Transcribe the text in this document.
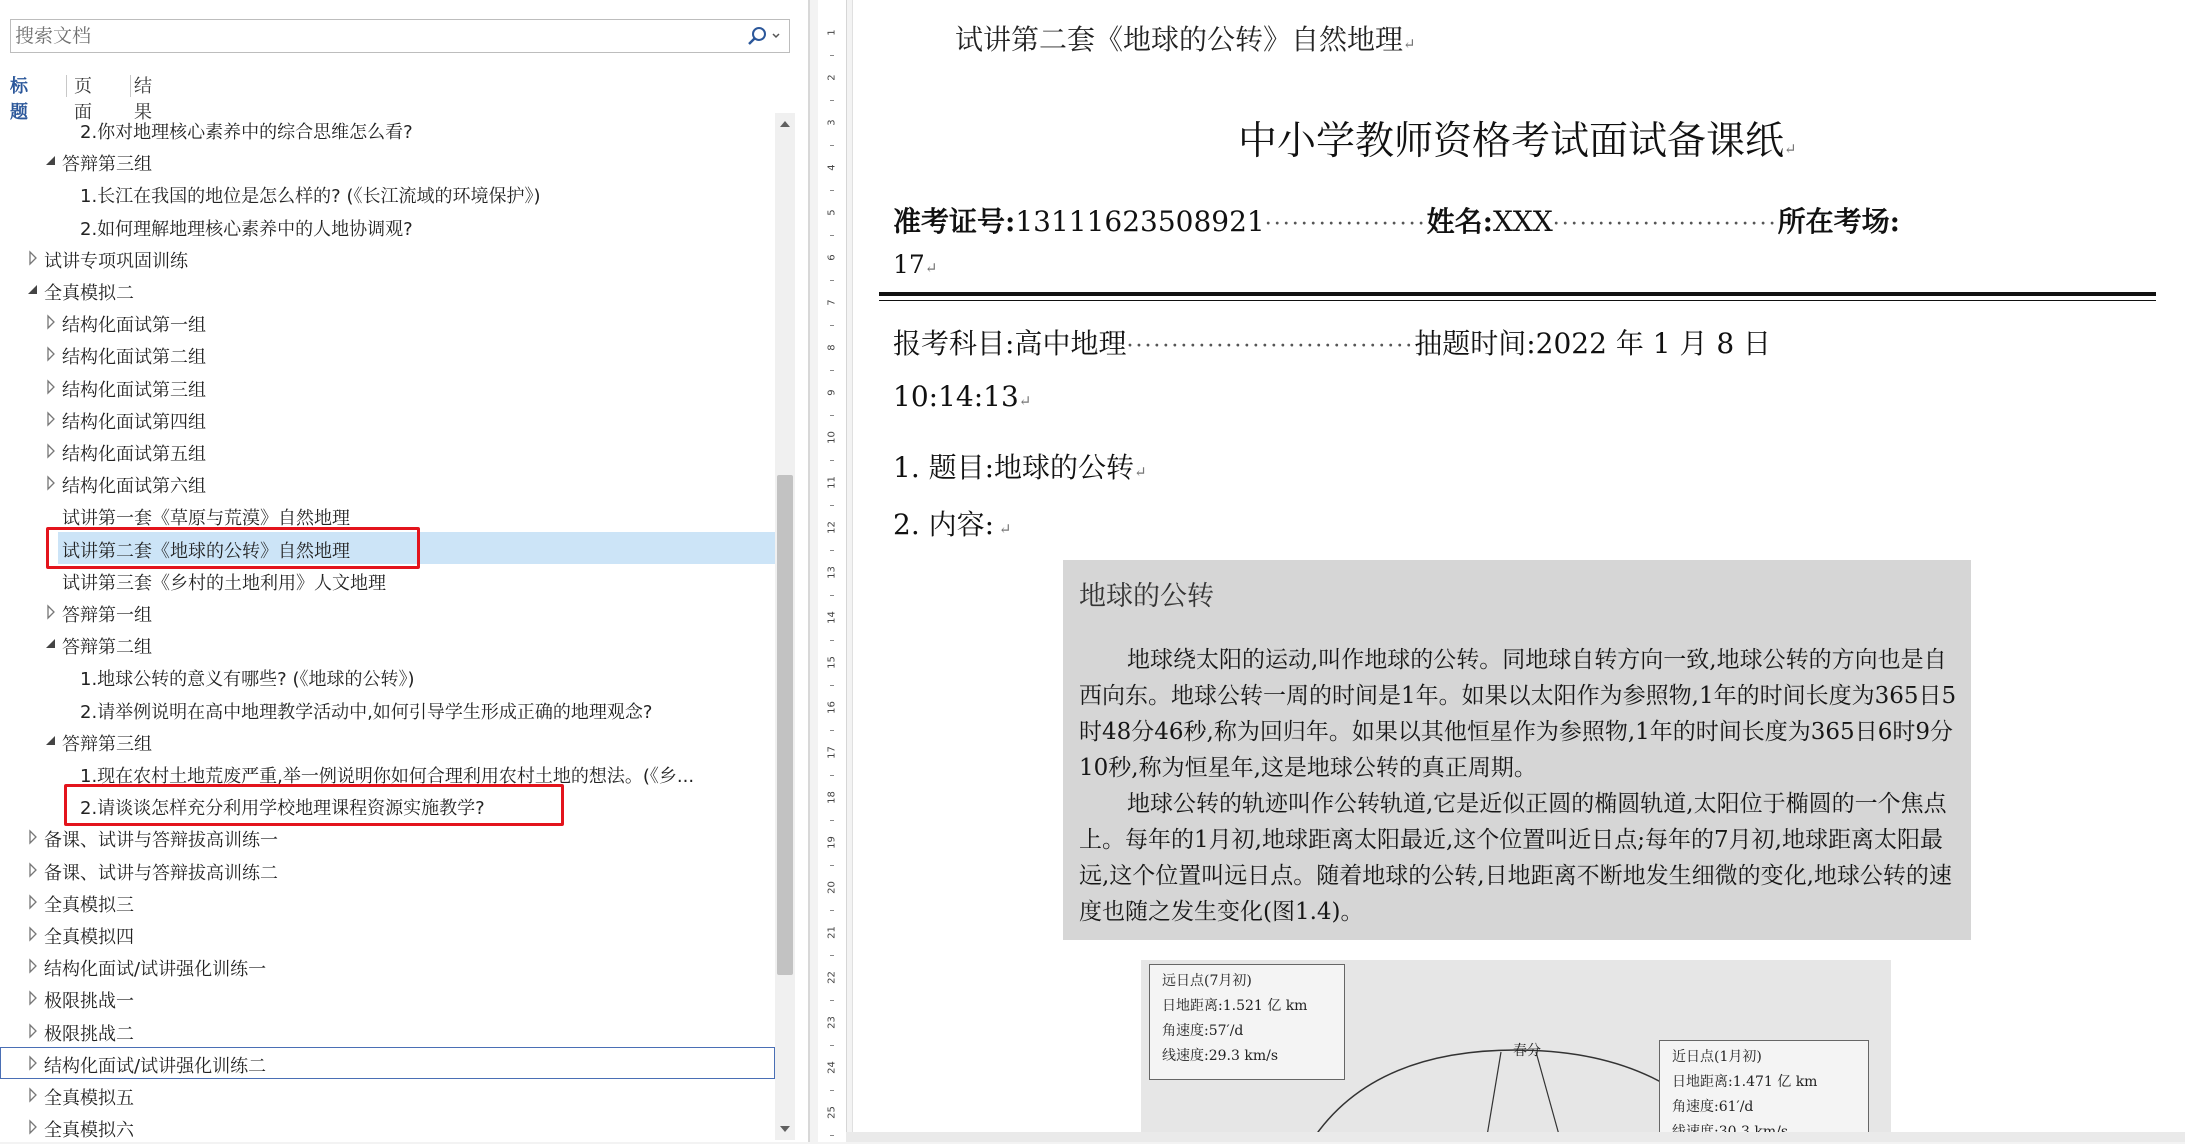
搜索文档
标题
页面
结果
2.你对地理核心素养中的综合思维怎么看?
答辩第三组
1.长江在我国的地位是怎么样的? (《长江流域的环境保护》)
2.如何理解地理核心素养中的人地协调观?
试讲专项巩固训练
全真模拟二
结构化面试第一组
结构化面试第二组
结构化面试第三组
结构化面试第四组
结构化面试第五组
结构化面试第六组
试讲第一套《草原与荒漠》自然地理
试讲第二套《地球的公转》自然地理
试讲第三套《乡村的土地利用》人文地理
答辩第一组
答辩第二组
1.地球公转的意义有哪些? (《地球的公转》)
2.请举例说明在高中地理教学活动中,如何引导学生形成正确的地理观念?
答辩第三组
1.现在农村土地荒废严重,举一例说明你如何合理利用农村土地的想法。(《乡...
2.请谈谈怎样充分利用学校地理课程资源实施教学?
备课、试讲与答辩拔高训练一
备课、试讲与答辩拔高训练二
全真模拟三
全真模拟四
结构化面试/试讲强化训练一
极限挑战一
极限挑战二
结构化面试/试讲强化训练二
全真模拟五
全真模拟六
1
2
3
4
5
6
7
8
9
10
11
12
13
14
15
16
17
18
19
20
21
22
23
24
25
试讲第二套《地球的公转》自然地理↵
中小学教师资格考试面试备课纸↵
准考证号:13111623508921··················姓名:XXX·························所在考场:
17↵
报考科目:高中地理································抽题时间:2022 年 1 月 8 日
10:14:13↵
1. 题目:地球的公转↵
2. 内容: ↵
地球的公转
地球绕太阳的运动,叫作地球的公转。同地球自转方向一致,地球公转的方向也是自西向东。地球公转一周的时间是1年。如果以太阳作为参照物,1年的时间长度为365日5时48分46秒,称为回归年。如果以其他恒星作为参照物,1年的时间长度为365日6时9分10秒,称为恒星年,这是地球公转的真正周期。
地球公转的轨迹叫作公转轨道,它是近似正圆的椭圆轨道,太阳位于椭圆的一个焦点上。每年的1月初,地球距离太阳最近,这个位置叫近日点;每年的7月初,地球距离太阳最远,这个位置叫远日点。随着地球的公转,日地距离不断地发生细微的变化,地球公转的速度也随之发生变化(图1.4)。
远日点(7月初)
日地距离:1.521 亿 km
角速度:57′/d
线速度:29.3 km/s	春分	近日点(1月初)
日地距离:1.471 亿 km
角速度:61′/d
